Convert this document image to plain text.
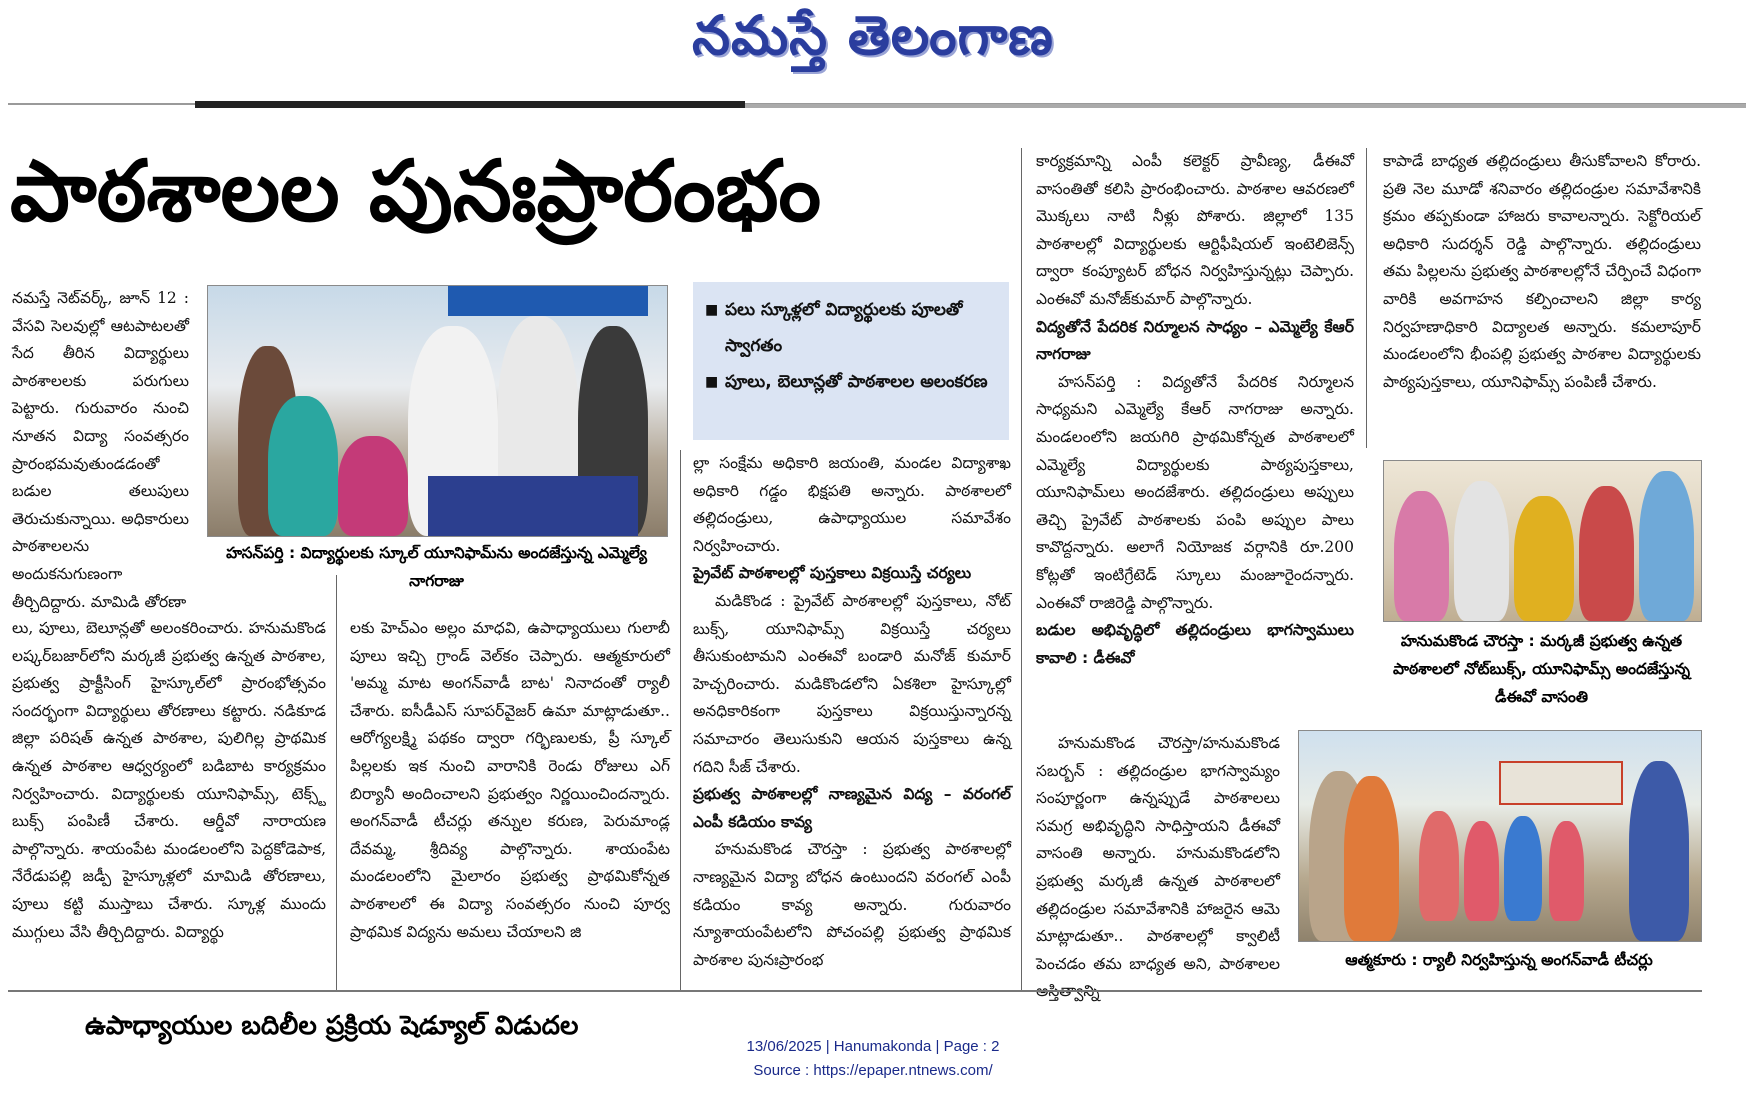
నమస్తే తెలంగాణ
పాఠశాలల పునఃప్రారంభం

నమస్తే నెట్‌వర్క్, జూన్ 12 : వేసవి సెలవుల్లో ఆటపాటలతో సేద తీరిన విద్యార్థులు పాఠశాలలకు పరుగులు పెట్టారు. గురువారం నుంచి నూతన విద్యా సంవత్సరం ప్రారంభమవుతుండడంతో బడుల తలుపులు తెరుచుకున్నాయి. అధికారులు పాఠశాలలను అందుకనుగుణంగా తీర్చిదిద్దారు. మామిడి తోరణా

హసన్‌పర్తి : విద్యార్థులకు స్కూల్ యూనిఫామ్‌ను అందజేస్తున్న ఎమ్మెల్యే నాగరాజు
■ పలు స్కూళ్లలో విద్యార్థులకు పూలతో స్వాగతం
■ పూలు, బెలూన్లతో పాఠశాలల అలంకరణ

లు, పూలు, బెలూన్లతో అలంకరించారు. హనుమకొండ లష్కర్‌బజార్‌లోని మర్కజీ ప్రభుత్వ ఉన్నత పాఠశాల, ప్రభుత్వ ప్రాక్టీసింగ్ హైస్కూల్‌లో ప్రారంభోత్సవం సందర్భంగా విద్యార్థులు తోరణాలు కట్టారు. నడికూడ జిల్లా పరిషత్ ఉన్నత పాఠశాల, పులిగిల్ల ప్రాథమిక ఉన్నత పాఠశాల ఆధ్వర్యంలో బడిబాట కార్యక్రమం నిర్వహించారు. విద్యార్థులకు యూనిఫామ్స్, టెక్స్ట్ బుక్స్ పంపిణీ చేశారు. ఆర్డీవో నారాయణ పాల్గొన్నారు. శాయంపేట మండలంలోని పెద్దకోడెపాక, నేరేడుపల్లి జడ్పీ హైస్కూళ్లలో మామిడి తోరణాలు, పూలు కట్టి ముస్తాబు చేశారు. స్కూళ్ల ముందు ముగ్గులు వేసి తీర్చిదిద్దారు. విద్యార్థు

లకు హెచ్‌ఎం అల్లం మాధవి, ఉపాధ్యాయులు గులాబీ పూలు ఇచ్చి గ్రాండ్ వెల్‌కం చెప్పారు. ఆత్మకూరులో 'అమ్మ మాట అంగన్‌వాడీ బాట' నినాదంతో ర్యాలీ చేశారు. ఐసీడీఎస్ సూపర్‌వైజర్ ఉమా మాట్లాడుతూ.. ఆరోగ్యలక్ష్మి పథకం ద్వారా గర్భిణులకు, ప్రీ స్కూల్ పిల్లలకు ఇక నుంచి వారానికి రెండు రోజులు ఎగ్ బిర్యానీ అందించాలని ప్రభుత్వం నిర్ణయించిందన్నారు. అంగన్‌వాడీ టీచర్లు తన్నుల కరుణ, పెరుమాండ్ల దేవమ్మ, శ్రీదివ్య పాల్గొన్నారు. శాయంపేట మండలంలోని మైలారం ప్రభుత్వ ప్రాథమికోన్నత పాఠశాలలో ఈ విద్యా సంవత్సరం నుంచి పూర్వ ప్రాథమిక విద్యను అమలు చేయాలని జి

ల్లా సంక్షేమ అధికారి జయంతి, మండల విద్యాశాఖ అధికారి గడ్డం భిక్షపతి అన్నారు. పాఠశాలలో తల్లిదండ్రులు, ఉపాధ్యాయుల సమావేశం నిర్వహించారు.

ప్రైవేట్ పాఠశాలల్లో పుస్తకాలు విక్రయిస్తే చర్యలు

మడికొండ : ప్రైవేట్ పాఠశాలల్లో పుస్తకాలు, నోట్ బుక్స్, యూనిఫామ్స్ విక్రయిస్తే చర్యలు తీసుకుంటామని ఎంఈవో బండారి మనోజ్ కుమార్ హెచ్చరించారు. మడికొండలోని ఏకశిలా హైస్కూల్లో అనధికారికంగా పుస్తకాలు విక్రయిస్తున్నారన్న సమాచారం తెలుసుకుని ఆయన పుస్తకాలు ఉన్న గదిని సీజ్ చేశారు.

ప్రభుత్వ పాఠశాలల్లో నాణ్యమైన విద్య – వరంగల్ ఎంపీ కడియం కావ్య

హనుమకొండ చౌరస్తా : ప్రభుత్వ పాఠశాలల్లో నాణ్యమైన విద్యా బోధన ఉంటుందని వరంగల్ ఎంపీ కడియం కావ్య అన్నారు. గురువారం న్యూశాయంపేటలోని పోచంపల్లి ప్రభుత్వ ప్రాథమిక పాఠశాల పునఃప్రారంభ

కార్యక్రమాన్ని ఎంపీ కలెక్టర్ ప్రావీణ్య, డీఈవో వాసంతితో కలిసి ప్రారంభించారు. పాఠశాల ఆవరణలో మొక్కలు నాటి నీళ్లు పోశారు. జిల్లాలో 135 పాఠశాలల్లో విద్యార్థులకు ఆర్టిఫీషియల్ ఇంటెలిజెన్స్ ద్వారా కంప్యూటర్ బోధన నిర్వహిస్తున్నట్లు చెప్పారు. ఎంఈవో మనోజ్‌కుమార్ పాల్గొన్నారు.

విద్యతోనే పేదరిక నిర్మూలన సాధ్యం – ఎమ్మెల్యే కేఆర్ నాగరాజు

హసన్‌పర్తి : విద్యతోనే పేదరిక నిర్మూలన సాధ్యమని ఎమ్మెల్యే కేఆర్ నాగరాజు అన్నారు. మండలంలోని జయగిరి ప్రాథమికోన్నత పాఠశాలలో ఎమ్మెల్యే విద్యార్థులకు పాఠ్యపుస్తకాలు, యూనిఫామ్‌లు అందజేశారు. తల్లిదండ్రులు అప్పులు తెచ్చి ప్రైవేట్ పాఠశాలకు పంపి అప్పుల పాలు కావొద్దన్నారు. అలాగే నియోజక వర్గానికి రూ.200 కోట్లతో ఇంటిగ్రేటెడ్ స్కూలు మంజూరైందన్నారు. ఎంఈవో రాజిరెడ్డి పాల్గొన్నారు.

బడుల అభివృద్ధిలో తల్లిదండ్రులు భాగస్వాములు కావాలి : డీఈవో

హనుమకొండ చౌరస్తా/హనుమకొండ సబర్బన్ : తల్లిదండ్రుల భాగస్వామ్యం సంపూర్ణంగా ఉన్నప్పుడే పాఠశాలలు సమగ్ర అభివృద్ధిని సాధిస్తాయని డీఈవో వాసంతి అన్నారు. హనుమకొండలోని ప్రభుత్వ మర్కజీ ఉన్నత పాఠశాలలో తల్లిదండ్రుల సమావేశానికి హాజరైన ఆమె మాట్లాడుతూ.. పాఠశాలల్లో క్వాలిటీ పెంచడం తమ బాధ్యత అని, పాఠశాలల

కాపాడే బాధ్యత తల్లిదండ్రులు తీసుకోవాలని కోరారు. ప్రతి నెల మూడో శనివారం తల్లిదండ్రుల సమావేశానికి క్రమం తప్పకుండా హాజరు కావాలన్నారు. సెక్టోరియల్ అధికారి సుదర్శన్ రెడ్డి పాల్గొన్నారు. తల్లిదండ్రులు తమ పిల్లలను ప్రభుత్వ పాఠశాలల్లోనే చేర్పించే విధంగా వారికి అవగాహన కల్పించాలని జిల్లా కార్య నిర్వహణాధికారి విద్యాలత అన్నారు. కమలాపూర్ మండలంలోని భీంపల్లి ప్రభుత్వ పాఠశాల విద్యార్థులకు పాఠ్యపుస్తకాలు, యూనిఫామ్స్ పంపిణీ చేశారు.

హనుమకొండ చౌరస్తా : మర్కజీ ప్రభుత్వ ఉన్నత పాఠశాలలో నోట్‌బుక్స్, యూనిఫామ్స్ అందజేస్తున్న డీఈవో వాసంతి
ఆత్మకూరు : ర్యాలీ నిర్వహిస్తున్న అంగన్‌వాడీ టీచర్లు
ఉపాధ్యాయుల బదిలీల ప్రక్రియ షెడ్యూల్ విడుదల
13/06/2025 | Hanumakonda | Page : 2
Source : https://epaper.ntnews.com/
